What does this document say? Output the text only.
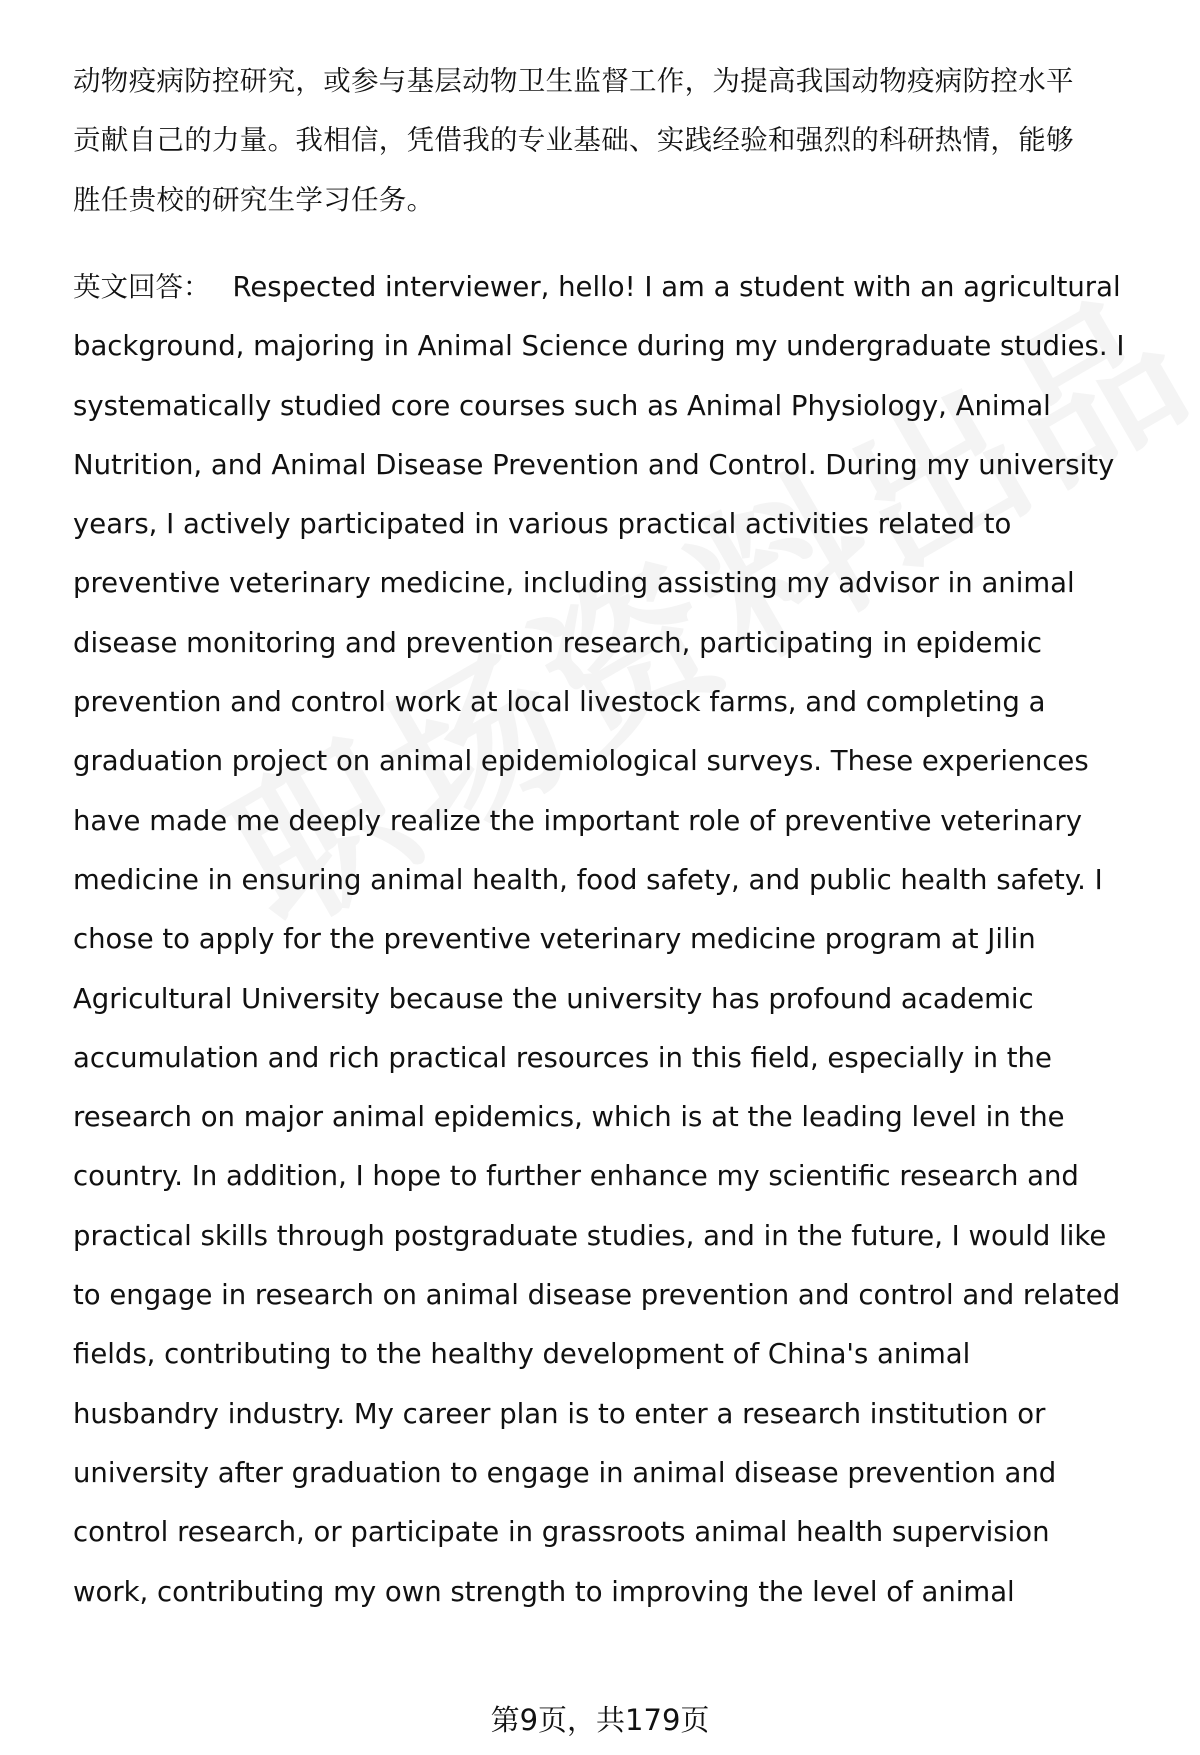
动物疫病防控研究，或参与基层动物卫生监督工作，为提高我国动物疫病防控水平
贡献自己的力量。我相信，凭借我的专业基础、实践经验和强烈的科研热情，能够
胜任贵校的研究生学习任务。

英文回答： Respected interviewer, hello! I am a student with an agricultural
background, majoring in Animal Science during my undergraduate studies. I
systematically studied core courses such as Animal Physiology, Animal
Nutrition, and Animal Disease Prevention and Control. During my university
years, I actively participated in various practical activities related to
preventive veterinary medicine, including assisting my advisor in animal
disease monitoring and prevention research, participating in epidemic
prevention and control work at local livestock farms, and completing a
graduation project on animal epidemiological surveys. These experiences
have made me deeply realize the important role of preventive veterinary
medicine in ensuring animal health, food safety, and public health safety. I
chose to apply for the preventive veterinary medicine program at Jilin
Agricultural University because the university has profound academic
accumulation and rich practical resources in this field, especially in the
research on major animal epidemics, which is at the leading level in the
country. In addition, I hope to further enhance my scientific research and
practical skills through postgraduate studies, and in the future, I would like
to engage in research on animal disease prevention and control and related
fields, contributing to the healthy development of China's animal
husbandry industry. My career plan is to enter a research institution or
university after graduation to engage in animal disease prevention and
control research, or participate in grassroots animal health supervision
work, contributing my own strength to improving the level of animal

第9页，共179页
